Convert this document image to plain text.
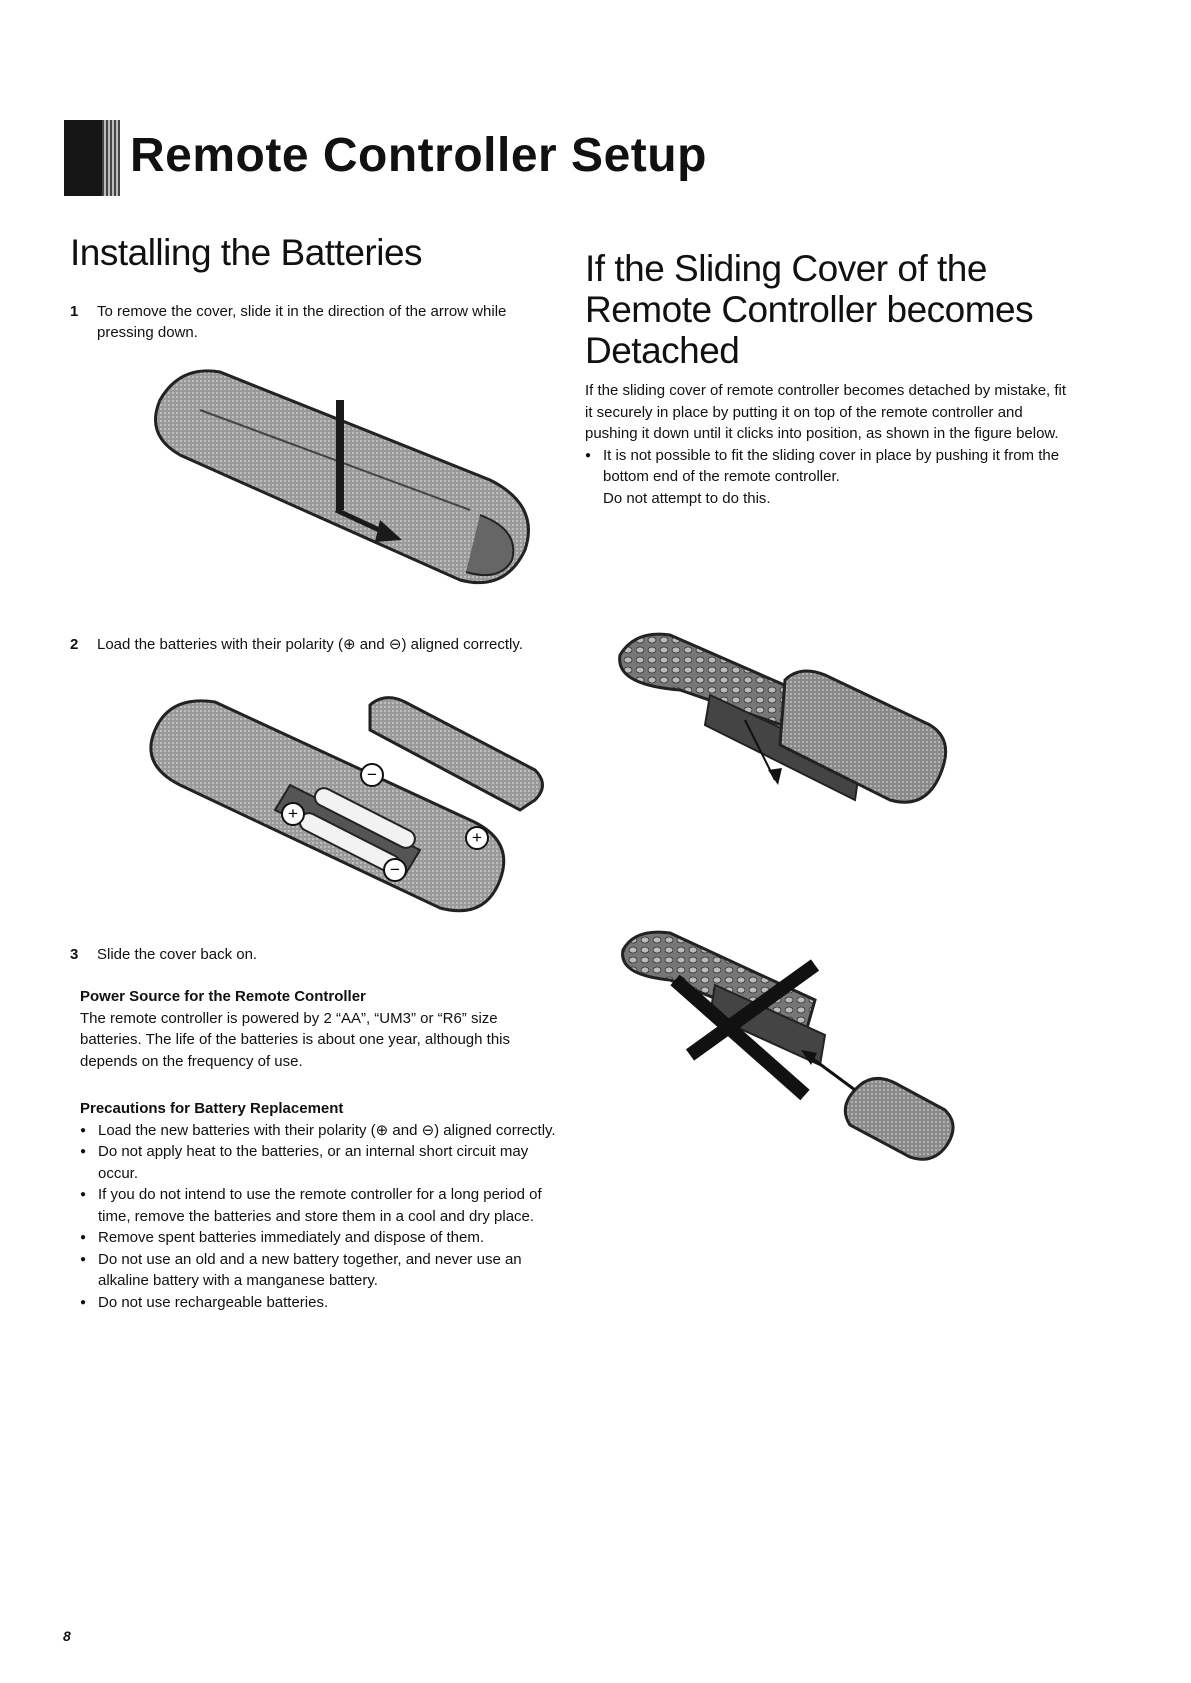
Remote Controller Setup
Installing the Batteries
1 To remove the cover, slide it in the direction of the arrow while pressing down.
2 Load the batteries with their polarity (⊕ and ⊖) aligned correctly.
+
−
+
−
3 Slide the cover back on.

Power Source for the Remote Controller

The remote controller is powered by 2 “AA”, “UM3” or “R6” size batteries. The life of the batteries is about one year, although this depends on the frequency of use.

Precautions for Battery Replacement

● Load the new batteries with their polarity (⊕ and ⊖) aligned correctly.
● Do not apply heat to the batteries, or an internal short circuit may occur.
● If you do not intend to use the remote controller for a long period of time, remove the batteries and store them in a cool and dry place.
● Remove spent batteries immediately and dispose of them.
● Do not use an old and a new battery together, and never use an alkaline battery with a manganese battery.
● Do not use rechargeable batteries.
If the Sliding Cover of the
Remote Controller becomes
Detached

If the sliding cover of remote controller becomes detached by mistake, fit it securely in place by putting it on top of the remote controller and pushing it down until it clicks into position, as shown in the figure below.

● It is not possible to fit the sliding cover in place by pushing it from the bottom end of the remote controller.

Do not attempt to do this.

8
